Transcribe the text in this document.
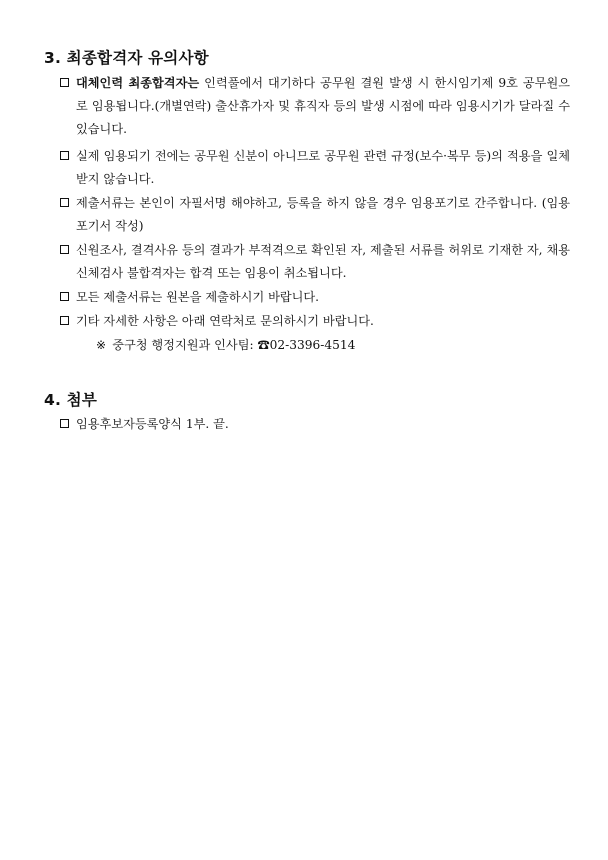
3. 최종합격자 유의사항
대체인력 최종합격자는 인력풀에서 대기하다 공무원 결원 발생 시 한시임기제 9호 공무원으로 임용됩니다.(개별연락) 출산휴가자 및 휴직자 등의 발생 시점에 따라 임용시기가 달라질 수 있습니다.
실제 임용되기 전에는 공무원 신분이 아니므로 공무원 관련 규정(보수·복무 등)의 적용을 일체 받지 않습니다.
제출서류는 본인이 자필서명 해야하고, 등록을 하지 않을 경우 임용포기로 간주합니다. (임용포기서 작성)
신원조사, 결격사유 등의 결과가 부적격으로 확인된 자, 제출된 서류를 허위로 기재한 자, 채용신체검사 불합격자는 합격 또는 임용이 취소됩니다.
모든 제출서류는 원본을 제출하시기 바랍니다.
기타 자세한 사항은 아래 연락처로 문의하시기 바랍니다.
※ 중구청 행정지원과 인사팀: ☎02-3396-4514
4. 첨부
임용후보자등록양식 1부. 끝.
